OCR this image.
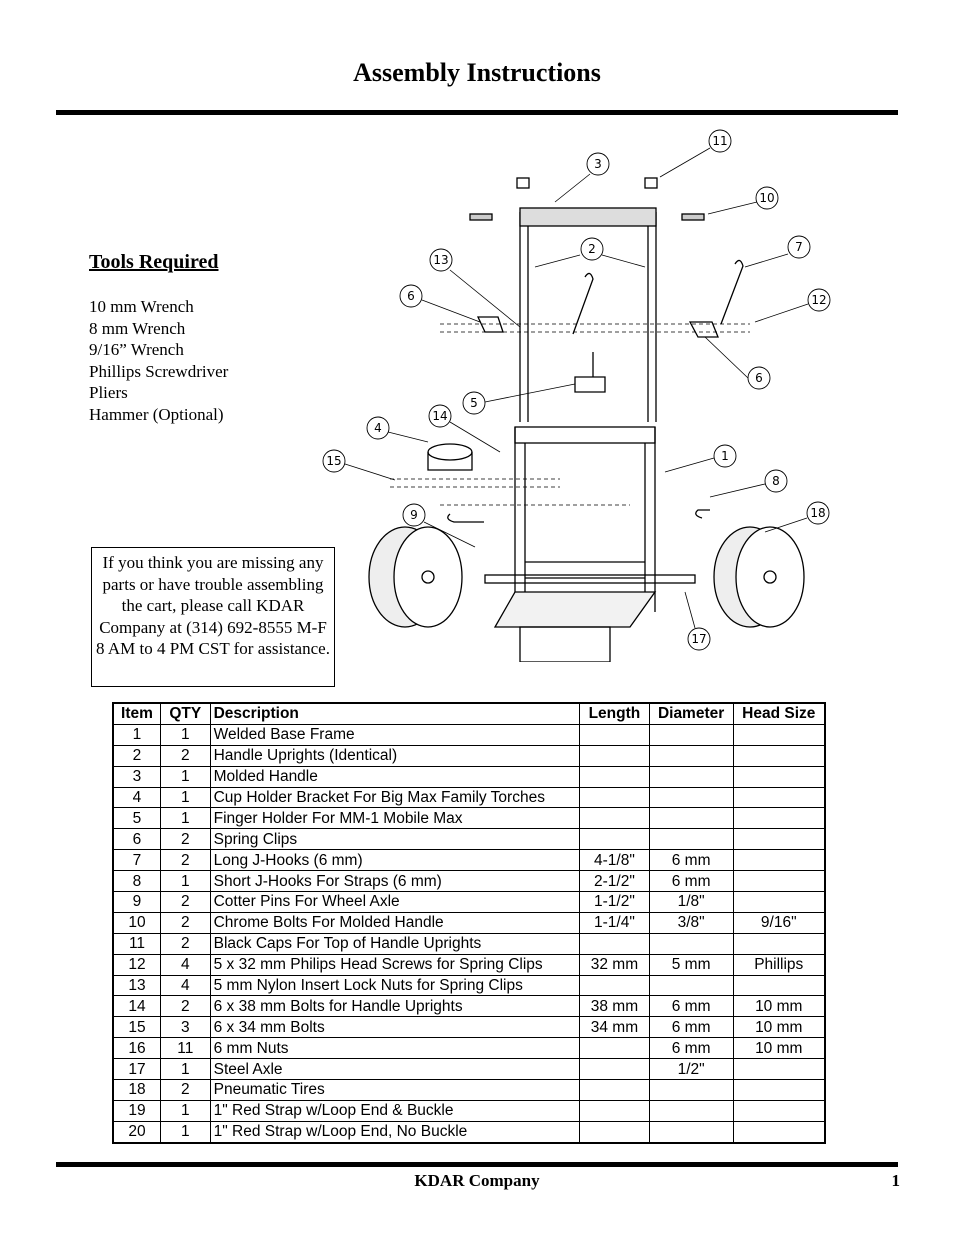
Assembly Instructions
Tools Required
10 mm Wrench
8 mm Wrench
9/16” Wrench
Phillips Screwdriver
Pliers
Hammer (Optional)
If you think you are missing any parts or have trouble assembling the cart, please call KDAR Company at (314) 692-8555 M-F 8 AM to 4 PM CST for assistance.
11
3
10
2
13
7
6	12
6
5
4
14
1
15
8
9	18
17
Item	QTY	Description	Length	Diameter	Head Size
1	1	Welded Base Frame			
2	2	Handle Uprights (Identical)			
3	1	Molded Handle			
4	1	Cup Holder Bracket For Big Max Family Torches			
5	1	Finger Holder For MM-1 Mobile Max			
6	2	Spring Clips			
7	2	Long J-Hooks (6 mm)	4-1/8"	6 mm	
8	1	Short J-Hooks For Straps (6 mm)	2-1/2"	6 mm	
9	2	Cotter Pins For Wheel Axle	1-1/2"	1/8"	
10	2	Chrome Bolts For Molded Handle	1-1/4"	3/8"	9/16"
11	2	Black Caps For Top of Handle Uprights			
12	4	5 x 32 mm Philips Head Screws for Spring Clips	32 mm	5 mm	Phillips
13	4	5 mm Nylon Insert Lock Nuts for Spring Clips			
14	2	6 x 38 mm Bolts for Handle Uprights	38 mm	6 mm	10 mm
15	3	6 x 34 mm Bolts	34 mm	6 mm	10 mm
16	11	6 mm Nuts		6 mm	10 mm
17	1	Steel Axle		1/2"	
18	2	Pneumatic Tires			
19	1	1" Red Strap w/Loop End & Buckle			
20	1	1" Red Strap w/Loop End, No Buckle			
KDAR Company	1
